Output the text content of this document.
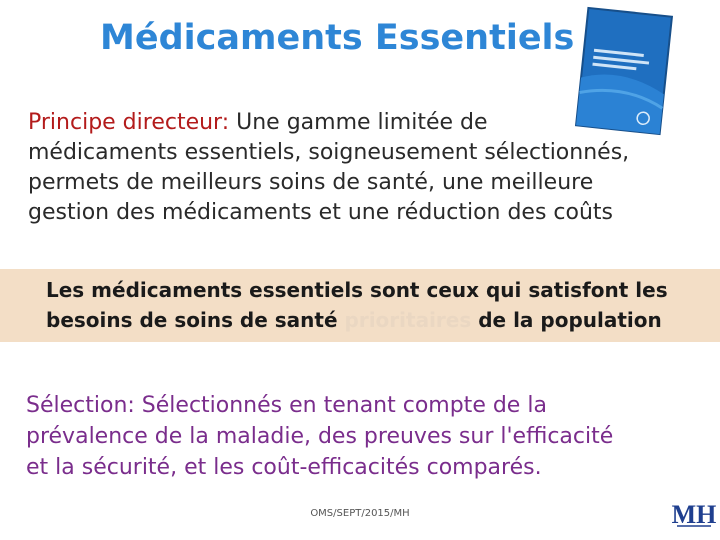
Médicaments Essentiels
Principe directeur: Une gamme limitée de
médicaments essentiels, soigneusement sélectionnés,
permets de meilleurs soins de santé, une meilleure
gestion des médicaments et une réduction des coûts
Les médicaments essentiels sont ceux qui satisfont les
besoins de soins de santé prioritaires de la population
Sélection: Sélectionnés en tenant compte de la
prévalence de la maladie, des preuves sur l'efficacité
et la sécurité, et les coût-efficacités comparés.
OMS/SEPT/2015/MH	MH
